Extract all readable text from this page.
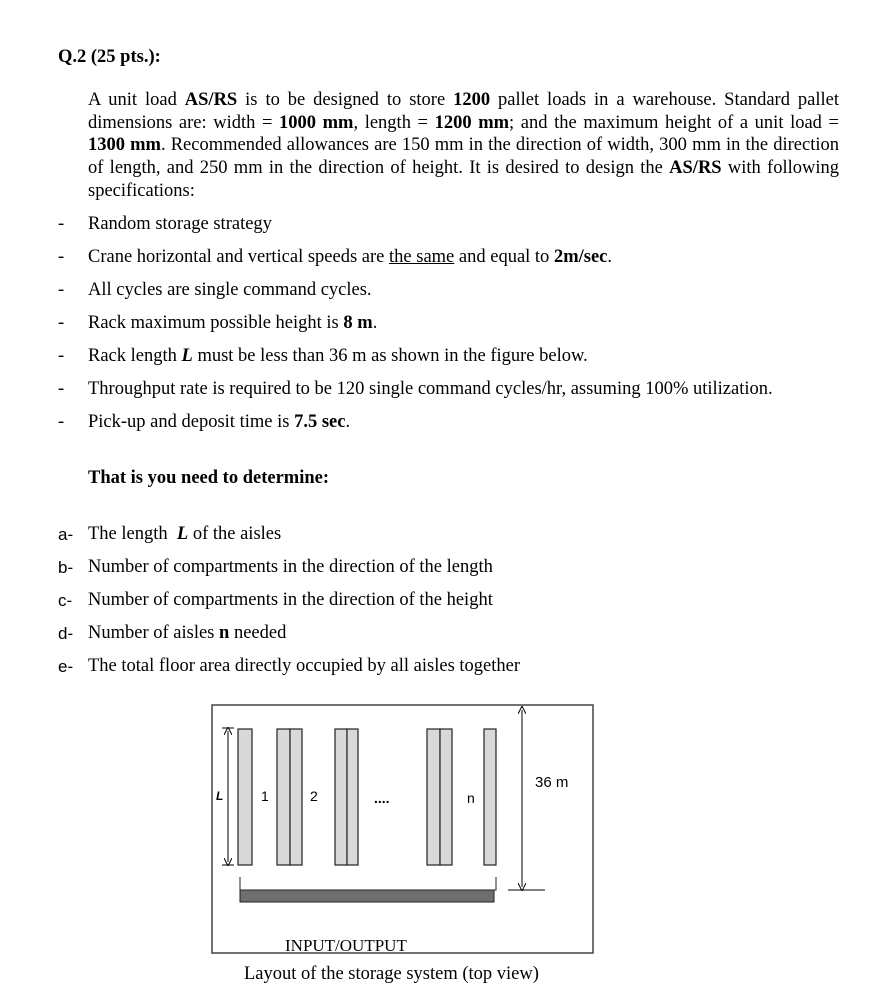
Q.2 (25 pts.):
A unit load AS/RS is to be designed to store 1200 pallet loads in a warehouse. Standard pallet dimensions are: width = 1000 mm, length = 1200 mm; and the maximum height of a unit load = 1300 mm. Recommended allowances are 150 mm in the direction of width, 300 mm in the direction of length, and 250 mm in the direction of height. It is desired to design the AS/RS with following specifications:
- Random storage strategy
- Crane horizontal and vertical speeds are the same and equal to 2m/sec.
- All cycles are single command cycles.
- Rack maximum possible height is 8 m.
- Rack length L must be less than 36 m as shown in the figure below.
- Throughput rate is required to be 120 single command cycles/hr, assuming 100% utilization.
- Pick-up and deposit time is 7.5 sec.
That is you need to determine:
a- The length  L of the aisles
b- Number of compartments in the direction of the length
c- Number of compartments in the direction of the height
d- Number of aisles n needed
e- The total floor area directly occupied by all aisles together
L	1	2	....	n
36 m
INPUT/OUTPUT
Layout of the storage system (top view)
